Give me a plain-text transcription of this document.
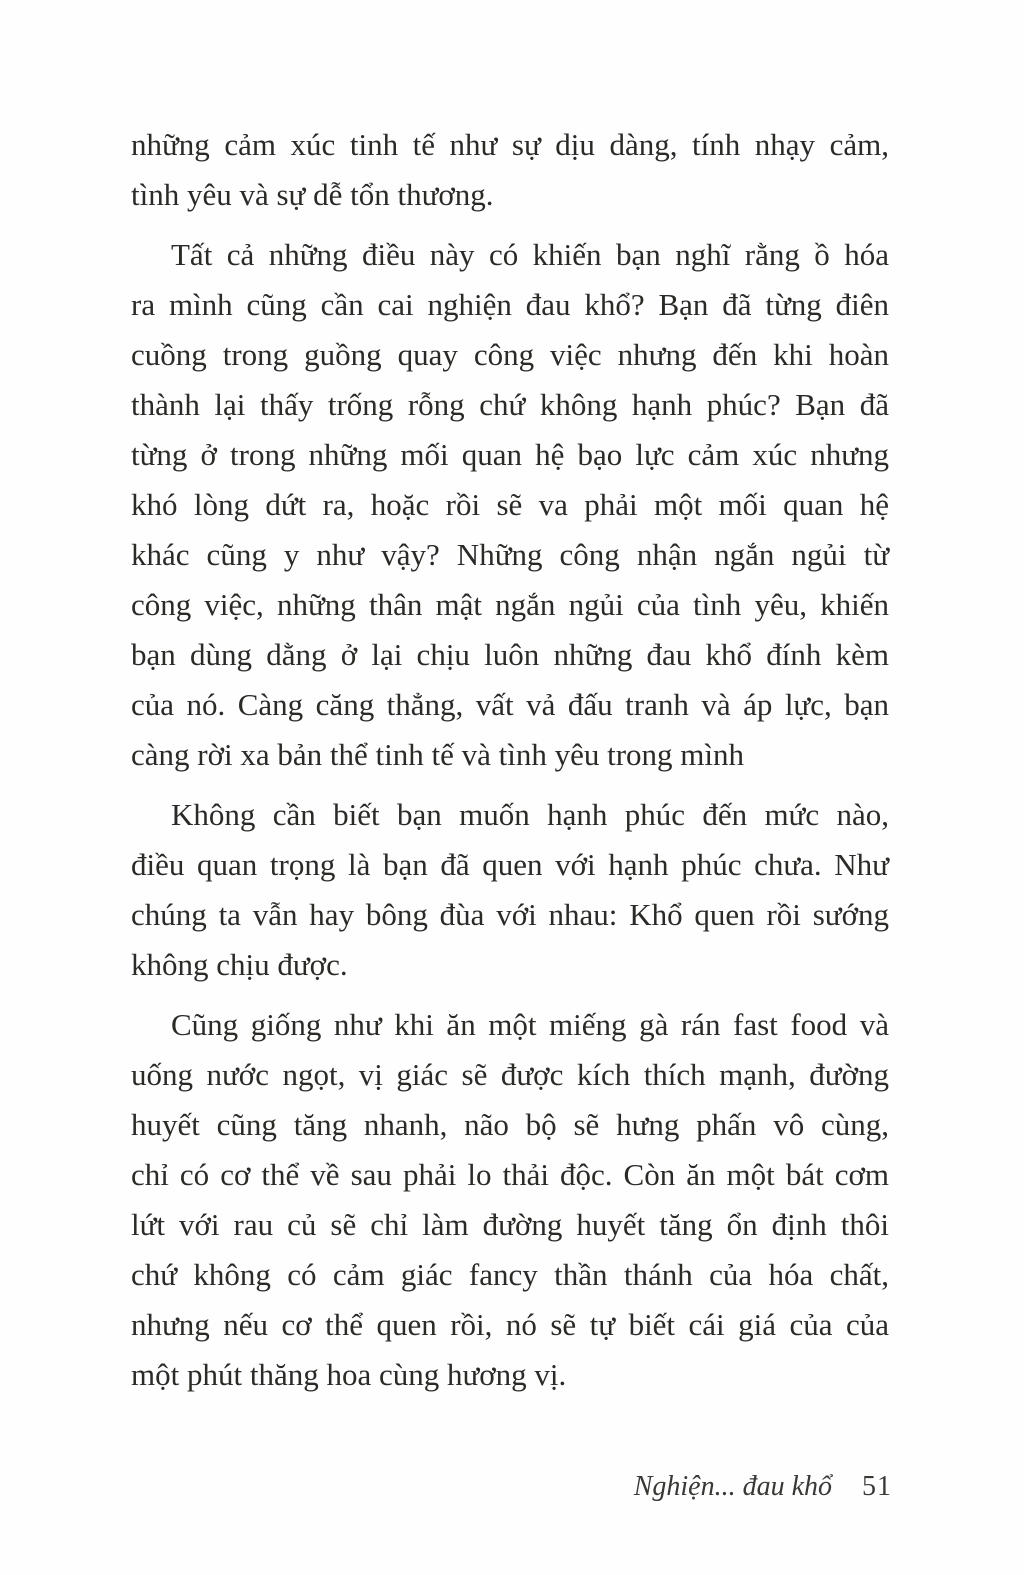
những cảm xúc tinh tế như sự dịu dàng, tính nhạy cảm,
tình yêu và sự dễ tổn thương.
Tất cả những điều này có khiến bạn nghĩ rằng ồ hóa
ra mình cũng cần cai nghiện đau khổ? Bạn đã từng điên
cuồng trong guồng quay công việc nhưng đến khi hoàn
thành lại thấy trống rỗng chứ không hạnh phúc? Bạn đã
từng ở trong những mối quan hệ bạo lực cảm xúc nhưng
khó lòng dứt ra, hoặc rồi sẽ va phải một mối quan hệ
khác cũng y như vậy? Những công nhận ngắn ngủi từ
công việc, những thân mật ngắn ngủi của tình yêu, khiến
bạn dùng dằng ở lại chịu luôn những đau khổ đính kèm
của nó. Càng căng thẳng, vất vả đấu tranh và áp lực, bạn
càng rời xa bản thể tinh tế và tình yêu trong mình
Không cần biết bạn muốn hạnh phúc đến mức nào,
điều quan trọng là bạn đã quen với hạnh phúc chưa. Như
chúng ta vẫn hay bông đùa với nhau: Khổ quen rồi sướng
không chịu được.
Cũng giống như khi ăn một miếng gà rán fast food và
uống nước ngọt, vị giác sẽ được kích thích mạnh, đường
huyết cũng tăng nhanh, não bộ sẽ hưng phấn vô cùng,
chỉ có cơ thể về sau phải lo thải độc. Còn ăn một bát cơm
lứt với rau củ sẽ chỉ làm đường huyết tăng ổn định thôi
chứ không có cảm giác fancy thần thánh của hóa chất,
nhưng nếu cơ thể quen rồi, nó sẽ tự biết cái giá của của
một phút thăng hoa cùng hương vị.
Nghiện... đau khổ 51
